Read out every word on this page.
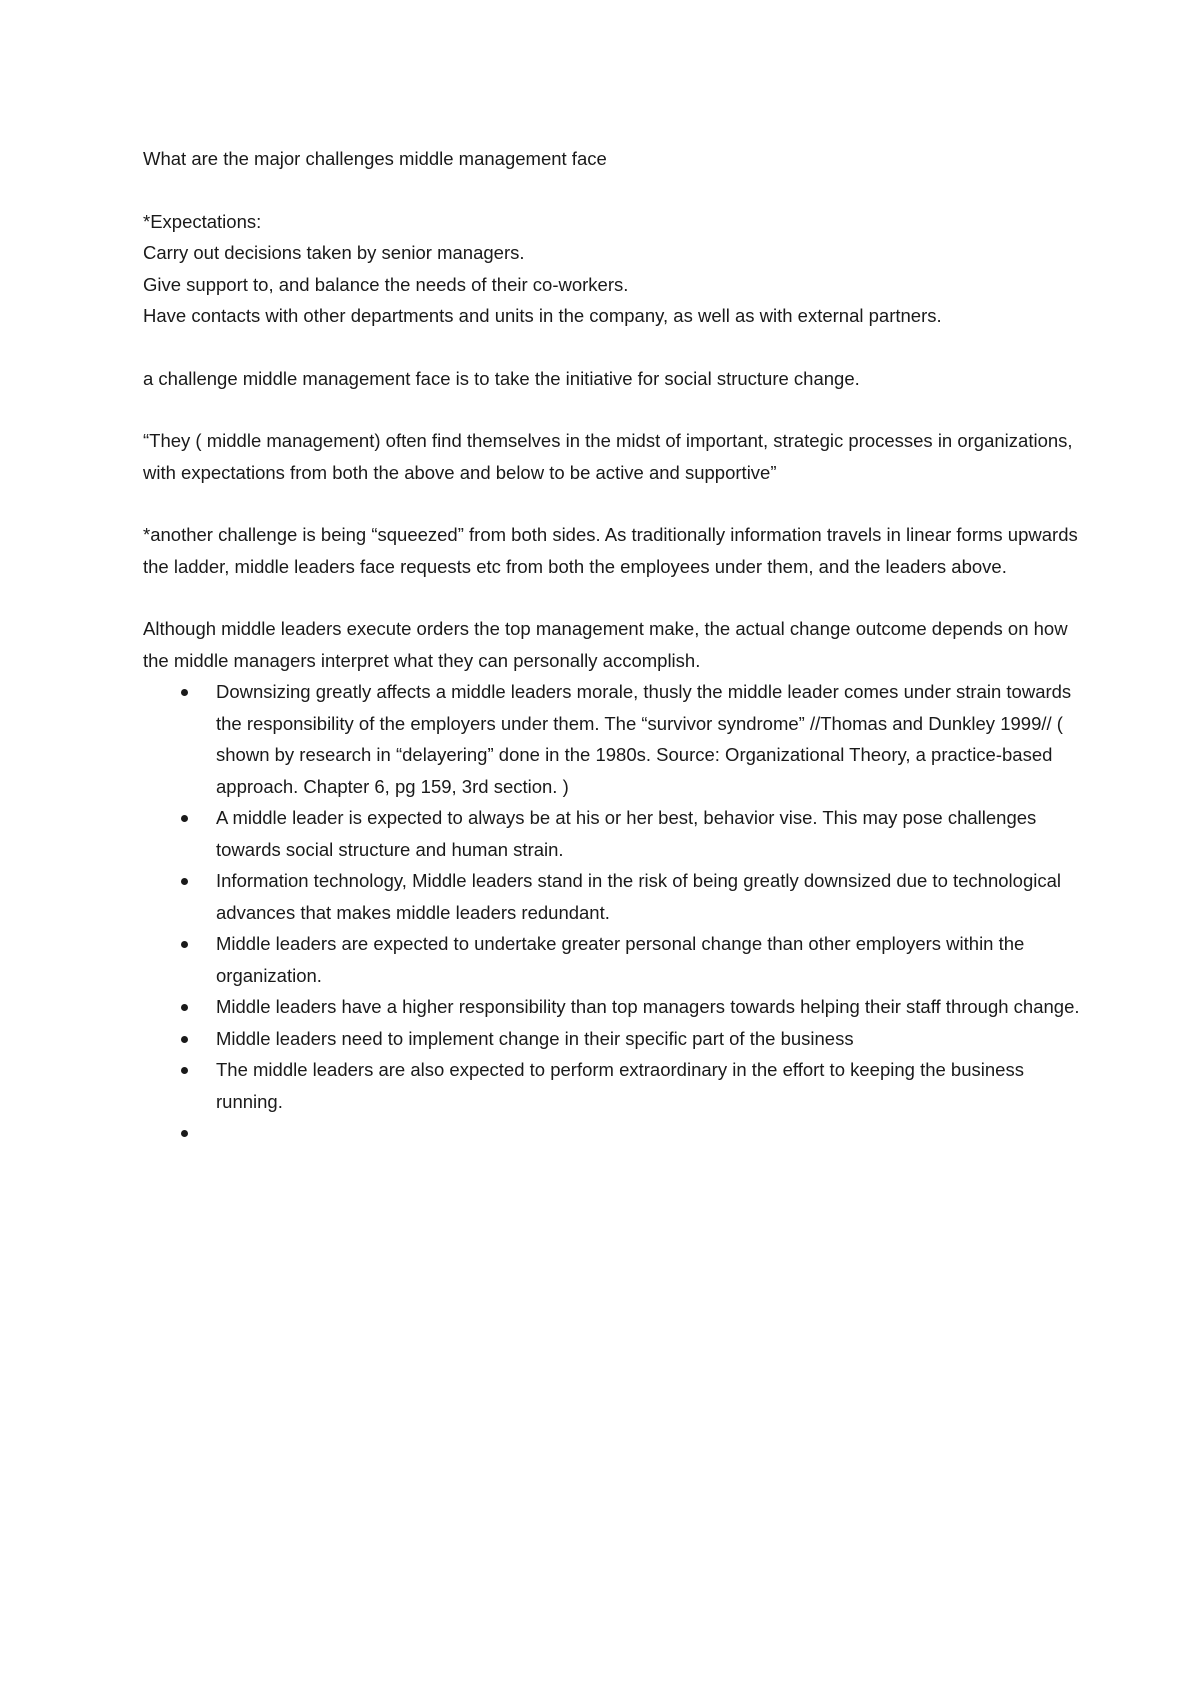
What are the major challenges middle management face

*Expectations:

Carry out decisions taken by senior managers.

Give support to, and balance the needs of their co-workers.

Have contacts with other departments and units in the company, as well as with external partners.

a challenge middle management face is to take the initiative for social structure change.

“They ( middle management) often find themselves in the midst of important, strategic processes in organizations, with expectations from both the above and below to be active and supportive”

*another challenge is being “squeezed” from both sides. As traditionally information travels in linear forms upwards the ladder, middle leaders face requests etc from both the employees under them, and the leaders above.

Although middle leaders execute orders the top management make, the actual change outcome depends on how the middle managers interpret what they can personally accomplish.

Downsizing greatly affects a middle leaders morale, thusly the middle leader comes under strain towards the responsibility of the employers under them. The “survivor syndrome” //Thomas and Dunkley 1999// ( shown by research in “delayering” done in the 1980s. Source: Organizational Theory, a practice-based approach. Chapter 6, pg 159, 3rd section. )
A middle leader is expected to always be at his or her best, behavior vise. This may pose challenges towards social structure and human strain.
Information technology, Middle leaders stand in the risk of being greatly downsized due to technological advances that makes middle leaders redundant.
Middle leaders are expected to undertake greater personal change than other employers within the organization.
Middle leaders have a higher responsibility than top managers towards helping their staff through change.
Middle leaders need to implement change in their specific part of the business
The middle leaders are also expected to perform extraordinary in the effort to keeping the business running.
